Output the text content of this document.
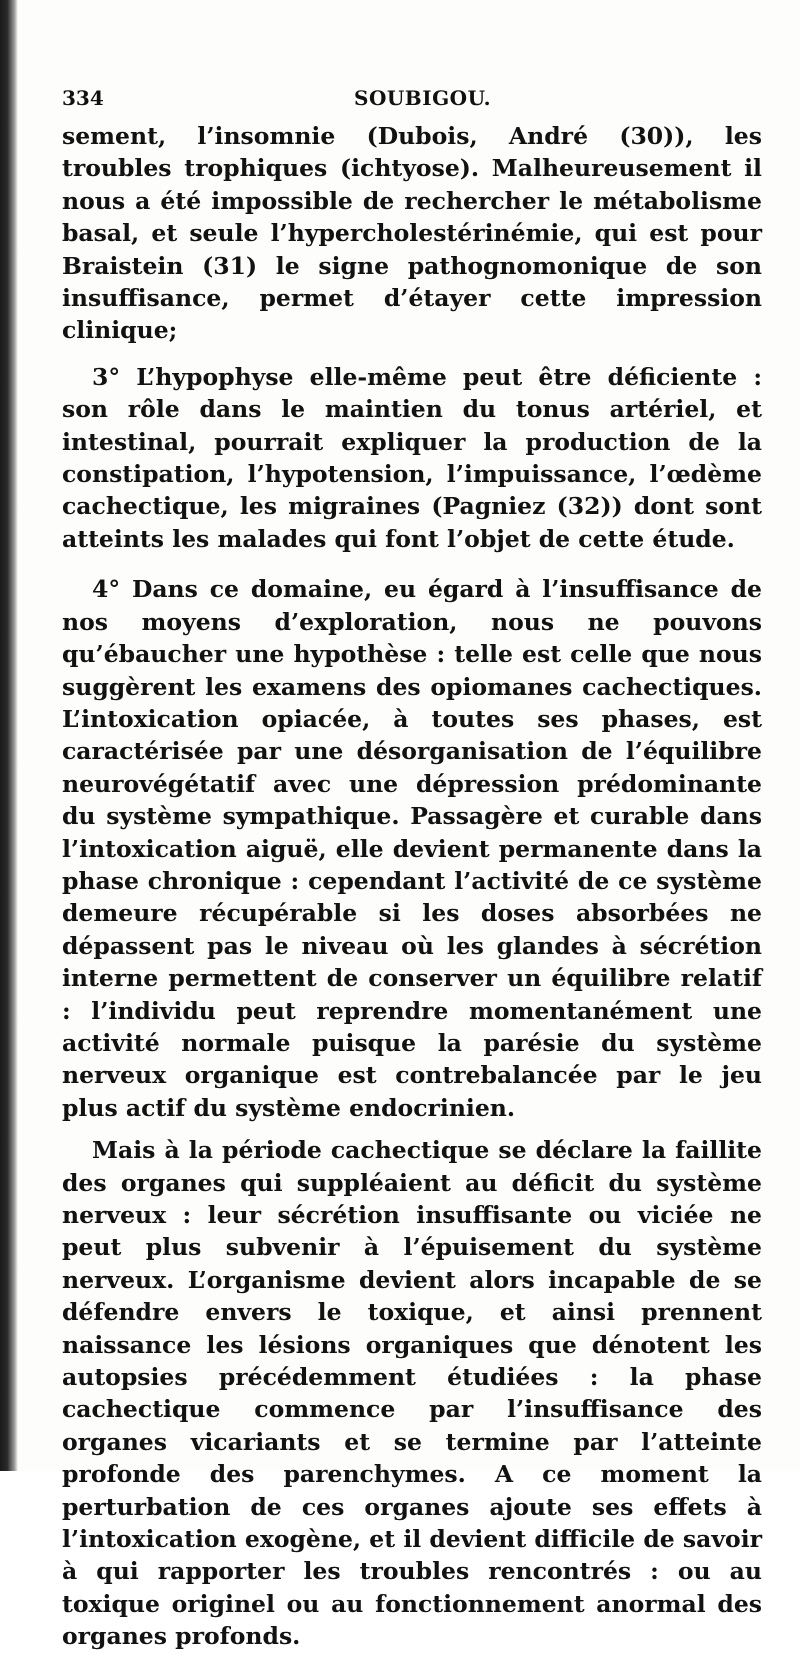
334	SOUBIGOU.

sement, l’insomnie (Dubois, André (30)), les troubles trophiques (ichtyose). Malheureusement il nous a été impossible de rechercher le métabolisme basal, et seule l’hypercholestérinémie, qui est pour Braistein (31) le signe pathognomonique de son insuffisance, permet d’étayer cette impression clinique;

3° L’hypophyse elle-même peut être déficiente : son rôle dans le maintien du tonus artériel, et intestinal, pourrait expliquer la production de la constipation, l’hypotension, l’impuissance, l’œdème cachectique, les migraines (Pagniez (32)) dont sont atteints les malades qui font l’objet de cette étude.

4° Dans ce domaine, eu égard à l’insuffisance de nos moyens d’exploration, nous ne pouvons qu’ébaucher une hypothèse : telle est celle que nous suggèrent les examens des opiomanes cachectiques. L’intoxication opiacée, à toutes ses phases, est caractérisée par une désorganisation de l’équilibre neurovégétatif avec une dépression prédominante du système sympathique. Passagère et curable dans l’intoxication aiguë, elle devient permanente dans la phase chronique : cependant l’activité de ce système demeure récupérable si les doses absorbées ne dépassent pas le niveau où les glandes à sécrétion interne permettent de conserver un équilibre relatif : l’individu peut reprendre momentanément une activité normale puisque la parésie du système nerveux organique est contrebalancée par le jeu plus actif du système endocrinien.

Mais à la période cachectique se déclare la faillite des organes qui suppléaient au déficit du système nerveux : leur sécrétion insuffisante ou viciée ne peut plus subvenir à l’épuisement du système nerveux. L’organisme devient alors incapable de se défendre envers le toxique, et ainsi prennent naissance les lésions organiques que dénotent les autopsies précédemment étudiées : la phase cachectique commence par l’insuffisance des organes vicariants et se termine par l’atteinte profonde des parenchymes. A ce moment la perturbation de ces organes ajoute ses effets à l’intoxication exogène, et il devient difficile de savoir à qui rapporter les troubles rencontrés : ou au toxique originel ou au fonctionnement anormal des organes profonds.
